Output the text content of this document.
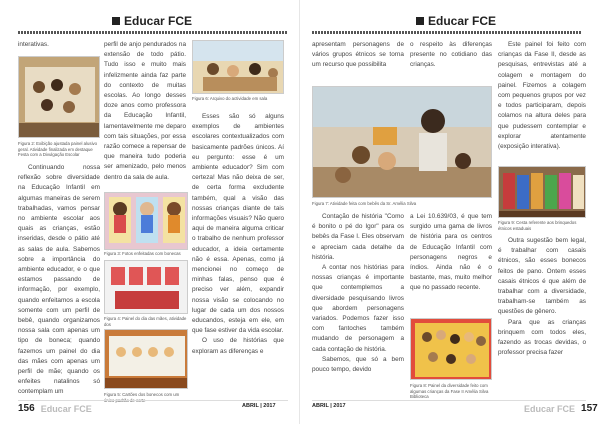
Educar FCE

interativas.

Figura 2: Exibição ajustada painel alusivo geral. Atividade finalizada em destaque Festa com a Divulgação Escolar

Continuando nossa reflexão sobre diversidade na Educação Infantil em algumas maneiras de serem trabalhadas, vamos pensar no ambiente escolar aos quais as crianças, estão inseridas, desde o pátio até as salas de aula. Sabemos sobre a importância do ambiente educador, e o que estamos passando de informação, por exemplo, quando enfeitamos a escola somente com um perfil de bebê, quando organizamos nossa sala com apenas um tipo de boneca; quando fazemos um painel do dia das mães com apenas um perfil de mãe; quando os enfeites natalinos só contemplam um

perfil de anjo pendurados na extensão de todo pátio. Tudo isso e muito mais infelizmente ainda faz parte do contexto de muitas escolas. Ao longo desses doze anos como professora da Educação Infantil, lamentavelmente me deparo com tais situações, por essa razão comece a repensar de que maneira tudo poderia ser amenizado, pelo menos dentro da sala de aula.

Figura 3: Fotos enfeitadas com bonecas
Figura 4: Painel do dia das mães, atividade dos
Figura 5: Cartões dos bonecos com um
Figura 6: Arquivo do actividade em sala

Esses são só alguns exemplos de ambientes escolares contextualizados com basicamente padrões únicos. Aí eu pergunto: esse é um ambiente educador? Sim com certeza! Mas não deixa de ser, de certa forma excludente também, qual a visão das nossas crianças diante de tais informações visuais? Não quero aqui de maneira alguma criticar o trabalho de nenhum professor educador, a ideia certamente não é essa. Apenas, como já mencionei no começo de minhas falas, penso que é preciso ver além, expandir nossa visão se colocando no lugar de cada um dos nossos educandos, esteja em ele, em que fase estiver da vida escolar.

O uso de histórias que exploram as diferenças e

156 Educar FCE	ABRIL | 2017
Educar FCE

apresentam personagens de vários grupos étnicos se torna um recurso que possibilita

Figura 7: Atividade feita com bebês da Sr. Amélia Silva

Contação de história "Como é bonito o pé do Igor" para os bebês da Fase I. Eles observam e apreciam cada detalhe da história.

A contar nos histórias para nossas crianças é importante que contemplemos a diversidade pesquisando livros que abordem personagens variados. Podemos fazer isso com fantoches também mudando de personagem a cada contação de história.

Sabemos, que só a bem pouco tempo, devido

o respeito às diferenças presente no cotidiano das crianças.

a Lei 10.639/03, é que tem surgido uma gama de livros de história para os centros de Educação Infantil com personagens negros e índios. Ainda não é o bastante, mas, muito melhor que no passado recente.

Figura 8: Painel da diversidade feito com algumas crianças da Fase II Amélia Silva Biblioteca

Este painel foi feito com crianças da Fase II, desde as pesquisas, entrevistas até a colagem e montagem do painel. Fizemos a colagem com pequenos grupos por vez e todos participaram, depois colamos na altura deles para que pudessem contemplar e explorar atentamente (exposição interativa).

Figura 9: Cesta referente aos brinquedos étnicos estaduais

Outra sugestão bem legal, é trabalhar com casais étnicos, são esses bonecos feitos de pano. Ontem esses casais étnicos é que além de trabalhar com a diversidade, trabalham-se também as questões de gênero.

Para que as crianças brinquem com todos eles, fazendo as trocas devidas, o professor precisa fazer

ABRIL | 2017	Educar FCE 157
